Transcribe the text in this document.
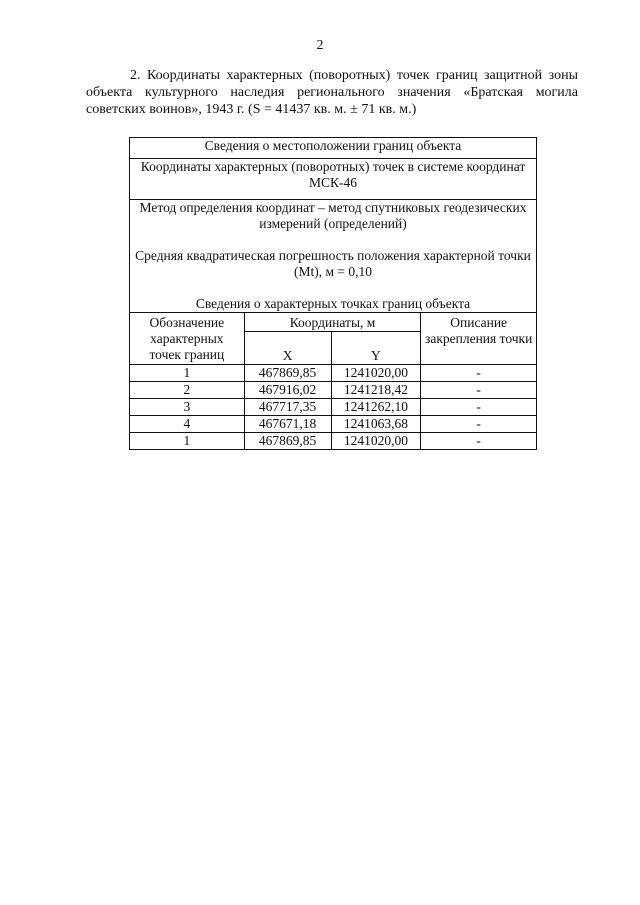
2
2. Координаты характерных (поворотных) точек границ защитной зоны объекта культурного наследия регионального значения «Братская могила советских воинов», 1943 г. (S = 41437 кв. м. ± 71 кв. м.)
Сведения о местоположении границ объекта			
Координаты характерных (поворотных) точек в системе координат МСК-46			

Метод определения координат – метод спутниковых геодезических измерений (определений)
Средняя квадратическая погрешность положения характерной точки (Mt), м = 0,10
Сведения о характерных точках границ объекта			

Обозначение характерных точек границ	Координаты, м		Описание закрепления точки
	X	Y	
1	467869,85	1241020,00	-
2	467916,02	1241218,42	-
3	467717,35	1241262,10	-
4	467671,18	1241063,68	-
1	467869,85	1241020,00	-
